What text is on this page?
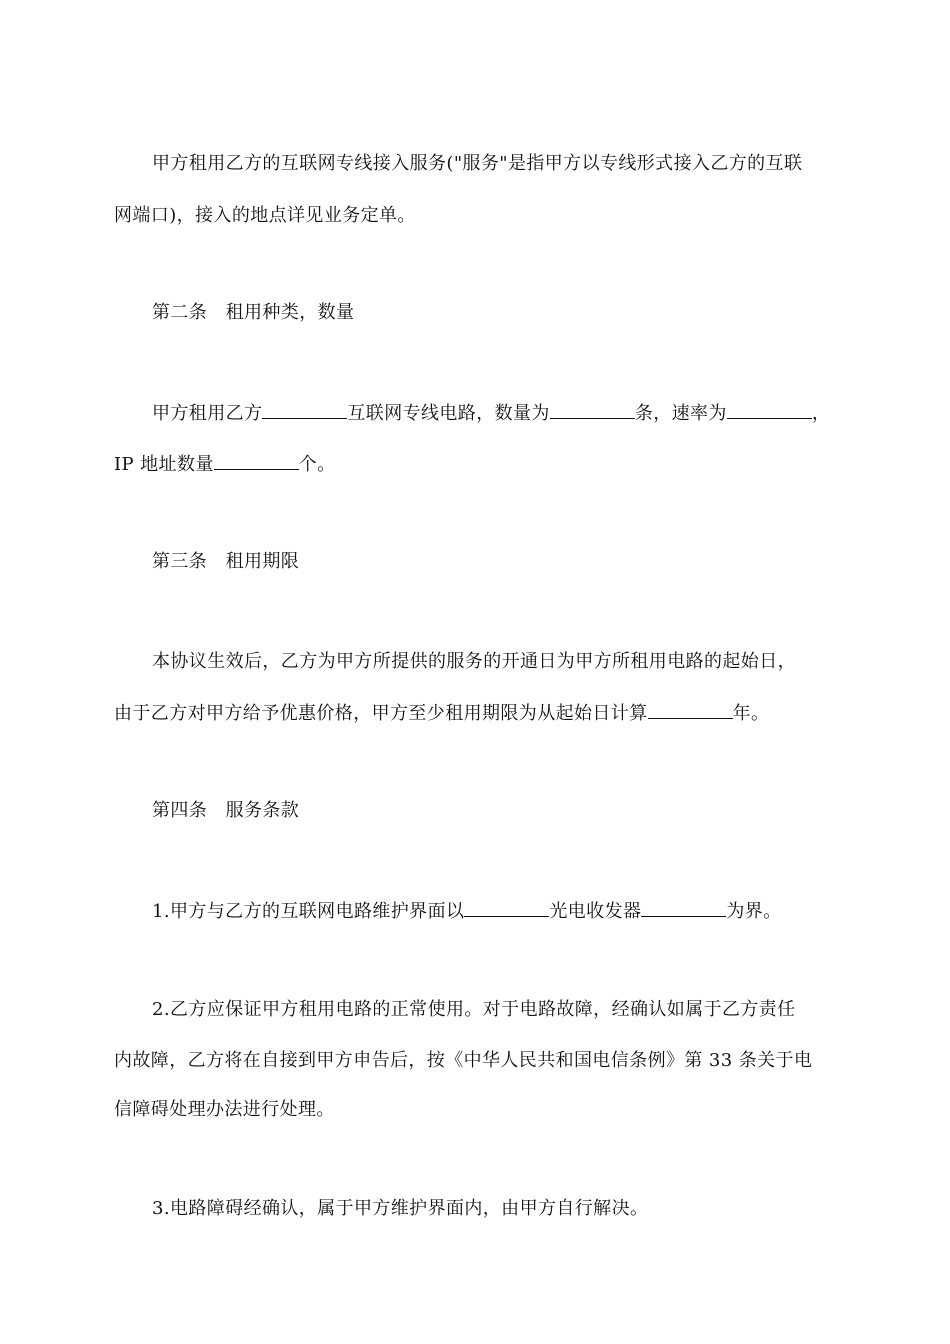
甲方租用乙方的互联网专线接入服务("服务"是指甲方以专线形式接入乙方的互联
网端口)，接入的地点详见业务定单。
第二条　租用种类，数量
甲方租用乙方	互联网专线电路，数量为	条，速率为	，
IP 地址数量	个。
第三条　租用期限
本协议生效后，乙方为甲方所提供的服务的开通日为甲方所租用电路的起始日，
由于乙方对甲方给予优惠价格，甲方至少租用期限为从起始日计算	年。
第四条　服务条款
1.甲方与乙方的互联网电路维护界面以	光电收发器	为界。
2.乙方应保证甲方租用电路的正常使用。对于电路故障，经确认如属于乙方责任
内故障，乙方将在自接到甲方申告后，按《中华人民共和国电信条例》第 33 条关于电
信障碍处理办法进行处理。
3.电路障碍经确认，属于甲方维护界面内，由甲方自行解决。
